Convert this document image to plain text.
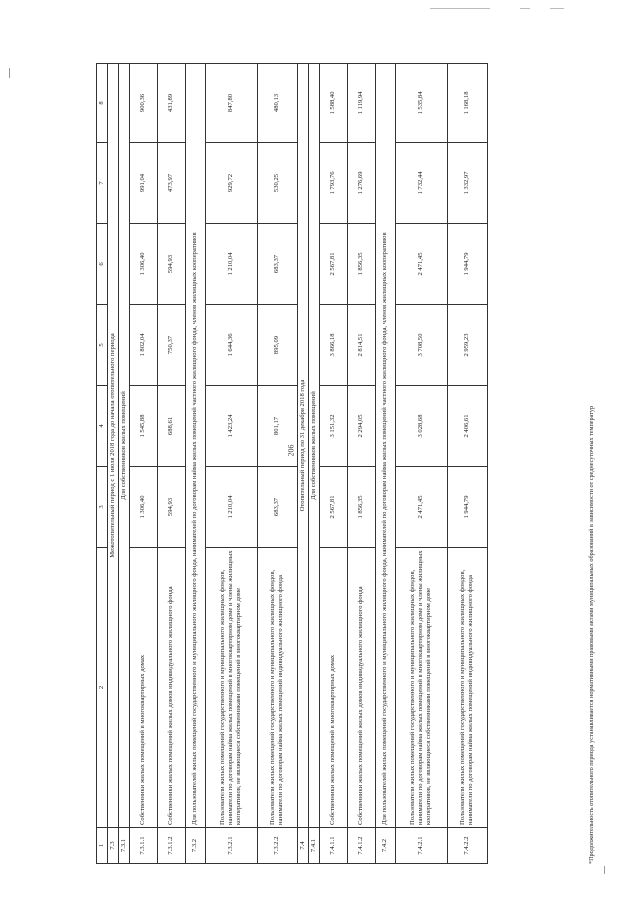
206
1	2	3	4	5	6	7	8
7.3	Межотопительный период с 1 июля 2018 года до начала отопительного периода						
7.3.1	Для собственников жилых помещений						
7.3.1.1	Собственники жилых помещений в многоквартирных домах	1 306,40	1 545,88	1 802,04	1 306,40	991,04	900,36
7.3.1.2	Собственники жилых помещений жилых домов индивидуального жилищного фонда	594,93	688,61	750,37	594,93	473,97	431,89
7.3.2	Для пользователей жилых помещений государственного и муниципального жилищного фонда, нанимателей по договорам найма жилых помещений частного жилищного фонда, членов жилищных кооперативов						
7.3.2.1	Пользователи жилых помещений государственного и муниципального жилищных фондов, наниматели по договорам найма жилых помещений в многоквартирном доме и члены жилищных кооперативов, не являющиеся собственниками помещений в многоквартирном доме	1 210,04	1 423,24	1 644,36	1 210,04	929,72	847,80
7.3.2.2	Пользователи жилых помещений государственного и муниципального жилищных фондов, наниматели по договорам найма жилых помещений индивидуального жилищного фонда	683,37	801,17	895,09	683,37	530,25	480,13
7.4	Отопительный период по 31 декабря 2018 года						
7.4.1	Для собственников жилых помещений						
7.4.1.1	Собственники жилых помещений в многоквартирных домах	2 567,81	3 151,32	3 866,18	2 567,81	1 793,76	1 588,40
7.4.1.2	Собственники жилых помещений жилых домов индивидуального жилищного фонда	1 856,35	2 294,05	2 814,51	1 856,35	1 276,69	1 119,94
7.4.2	Для пользователей жилых помещений государственного и муниципального жилищного фонда, нанимателей по договорам найма жилых помещений частного жилищного фонда, членов жилищных кооперативов						
7.4.2.1	Пользователи жилых помещений государственного и муниципального жилищных фондов, наниматели по договорам найма жилых помещений в многоквартирном доме и члены жилищных кооперативов, не являющиеся собственниками помещений в многоквартирном доме	2 471,45	3 028,68	3 708,50	2 471,45	1 732,44	1 535,84
7.4.2.2	Пользователи жилых помещений государственного и муниципального жилищных фондов, наниматели по договорам найма жилых помещений индивидуального жилищного фонда	1 944,79	2 406,61	2 959,23	1 944,79	1 332,97	1 168,18
*Продолжительность отопительного периода устанавливается нормативными правовыми актами муниципальных образований в зависимости от среднесуточных температур
